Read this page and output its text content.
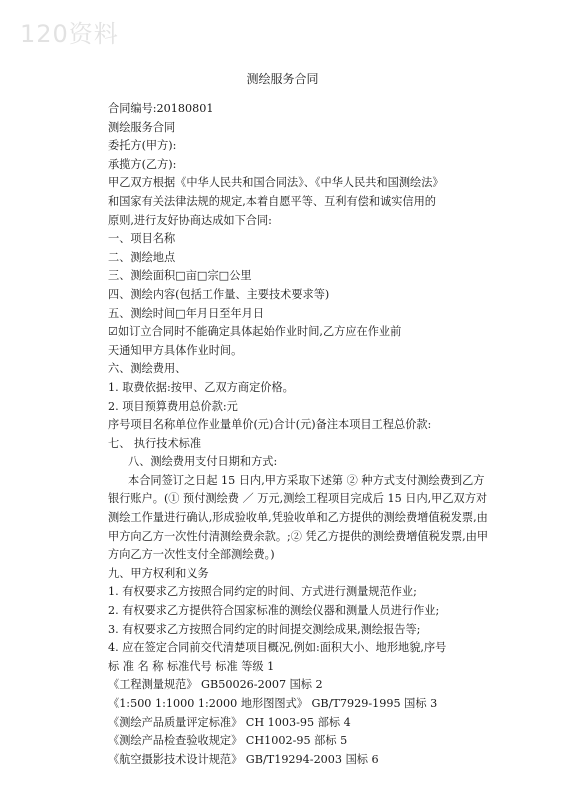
120资料
测绘服务合同
合同编号:20180801
测绘服务合同
委托方(甲方):
承揽方(乙方):
甲乙双方根据《中华人民共和国合同法》、《中华人民共和国测绘法》
和国家有关法律法规的规定,本着自愿平等、互利有偿和诚实信用的
原则,进行友好协商达成如下合同:
一、项目名称
二、测绘地点
三、测绘面积□亩□宗□公里
四、测绘内容(包括工作量、主要技术要求等)
五、测绘时间□年月日至年月日
☑如订立合同时不能确定具体起始作业时间,乙方应在作业前
天通知甲方具体作业时间。
六、测绘费用、
1. 取费依据:按甲、乙双方商定价格。
2. 项目预算费用总价款:元
序号项目名称单位作业量单价(元)合计(元)备注本项目工程总价款:
七、 执行技术标准
八、测绘费用支付日期和方式:
本合同签订之日起 15 日内,甲方采取下述第 ② 种方式支付测绘费到乙方
银行账户。(① 预付测绘费 ／ 万元,测绘工程项目完成后 15 日内,甲乙双方对
测绘工作量进行确认,形成验收单,凭验收单和乙方提供的测绘费增值税发票,由
甲方向乙方一次性付清测绘费余款。;② 凭乙方提供的测绘费增值税发票,由甲
方向乙方一次性支付全部测绘费。)
九、甲方权利和义务
1. 有权要求乙方按照合同约定的时间、方式进行测量规范作业;
2. 有权要求乙方提供符合国家标准的测绘仪器和测量人员进行作业;
3. 有权要求乙方按照合同约定的时间提交测绘成果,测绘报告等;
4. 应在签定合同前交代清楚项目概况,例如:面积大小、地形地貌,序号
标 准 名 称 标准代号 标准 等级 1
《工程测量规范》 GB50026-2007 国标 2
《1:500 1:1000 1:2000 地形图图式》 GB/T7929-1995 国标 3
《测绘产品质量评定标准》 CH 1003-95 部标 4
《测绘产品检查验收规定》 CH1002-95 部标 5
《航空摄影技术设计规范》 GB/T19294-2003 国标 6
